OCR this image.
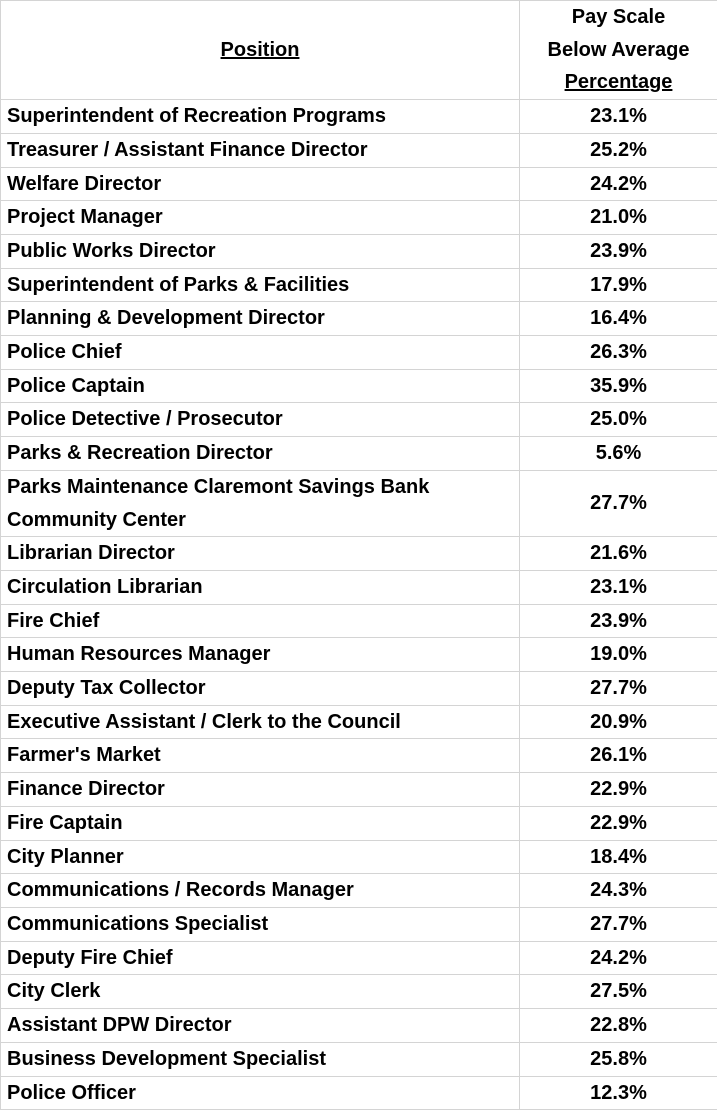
Position	Pay Scale
Below Average
Percentage

Superintendent of Recreation Programs	23.1%
Treasurer / Assistant Finance Director	25.2%
Welfare Director	24.2%
Project Manager	21.0%
Public Works Director	23.9%
Superintendent of Parks & Facilities	17.9%
Planning & Development Director	16.4%
Police Chief	26.3%
Police Captain	35.9%
Police Detective / Prosecutor	25.0%
Parks & Recreation Director	5.6%
Parks Maintenance Claremont Savings Bank Community Center	27.7%
Librarian Director	21.6%
Circulation Librarian	23.1%
Fire Chief	23.9%
Human Resources Manager	19.0%
Deputy Tax Collector	27.7%
Executive Assistant / Clerk to the Council	20.9%
Farmer's Market	26.1%
Finance Director	22.9%
Fire Captain	22.9%
City Planner	18.4%
Communications / Records Manager	24.3%
Communications Specialist	27.7%
Deputy Fire Chief	24.2%
City Clerk	27.5%
Assistant DPW Director	22.8%
Business Development Specialist	25.8%
Police Officer	12.3%
